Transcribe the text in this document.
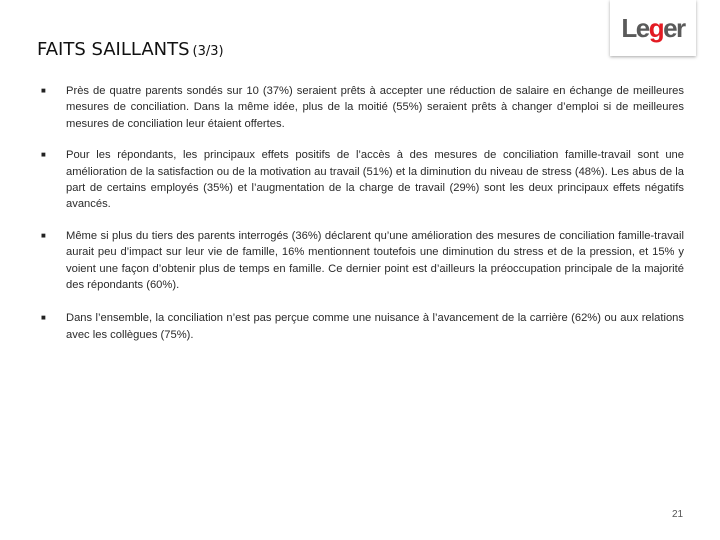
FAITS SAILLANTS (3/3)
Leger
■	Près de quatre parents sondés sur 10 (37%) seraient prêts à accepter une réduction de salaire en échange de meilleures mesures de conciliation. Dans la même idée, plus de la moitié (55%) seraient prêts à changer d’emploi si de meilleures mesures de conciliation leur étaient offertes.
■	Pour les répondants, les principaux effets positifs de l’accès à des mesures de conciliation famille-travail sont une amélioration de la satisfaction ou de la motivation au travail (51%) et la diminution du niveau de stress (48%). Les abus de la part de certains employés (35%) et l’augmentation de la charge de travail (29%) sont les deux principaux effets négatifs avancés.
■	Même si plus du tiers des parents interrogés (36%) déclarent qu’une amélioration des mesures de conciliation famille-travail aurait peu d’impact sur leur vie de famille, 16% mentionnent toutefois une diminution du stress et de la pression, et 15% y voient une façon d’obtenir plus de temps en famille. Ce dernier point est d’ailleurs la préoccupation principale de la majorité des répondants (60%).
■	Dans l’ensemble, la conciliation n’est pas perçue comme une nuisance à l’avancement de la carrière (62%) ou aux relations avec les collègues (75%).
21
